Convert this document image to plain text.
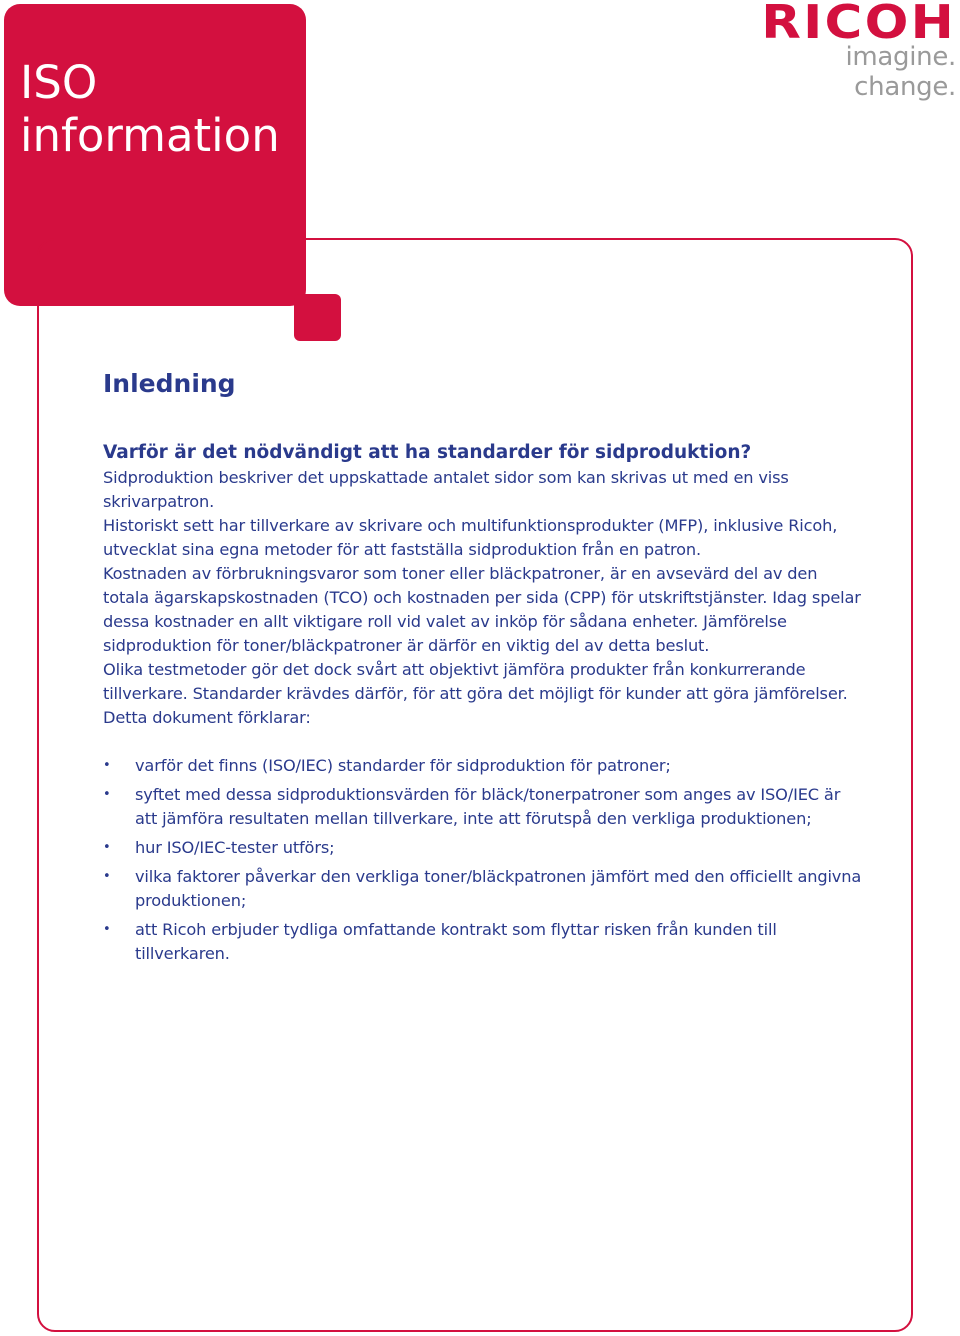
ISO
information
RICOH
imagine. change.
Inledning
Varför är det nödvändigt att ha standarder för sidproduktion?

Sidproduktion beskriver det uppskattade antalet sidor som kan skrivas ut med en viss skrivarpatron.

Historiskt sett har tillverkare av skrivare och multifunktionsprodukter (MFP), inklusive Ricoh, utvecklat sina egna metoder för att fastställa sidproduktion från en patron.

Kostnaden av förbrukningsvaror som toner eller bläckpatroner, är en avsevärd del av den totala ägarskapskostnaden (TCO) och kostnaden per sida (CPP) för utskriftstjänster. Idag spelar dessa kostnader en allt viktigare roll vid valet av inköp för sådana enheter. Jämförelse sidproduktion för toner/bläckpatroner är därför en viktig del av detta beslut.

Olika testmetoder gör det dock svårt att objektivt jämföra produkter från konkurrerande tillverkare. Standarder krävdes därför, för att göra det möjligt för kunder att göra jämförelser.

Detta dokument förklarar:

• varför det finns (ISO/IEC) standarder för sidproduktion för patroner;
• syftet med dessa sidproduktionsvärden för bläck/tonerpatroner som anges av ISO/IEC är att jämföra resultaten mellan tillverkare, inte att förutspå den verkliga produktionen;
• hur ISO/IEC-tester utförs;
• vilka faktorer påverkar den verkliga toner/bläckpatronen jämfört med den officiellt angivna produktionen;
• att Ricoh erbjuder tydliga omfattande kontrakt som flyttar risken från kunden till tillverkaren.
